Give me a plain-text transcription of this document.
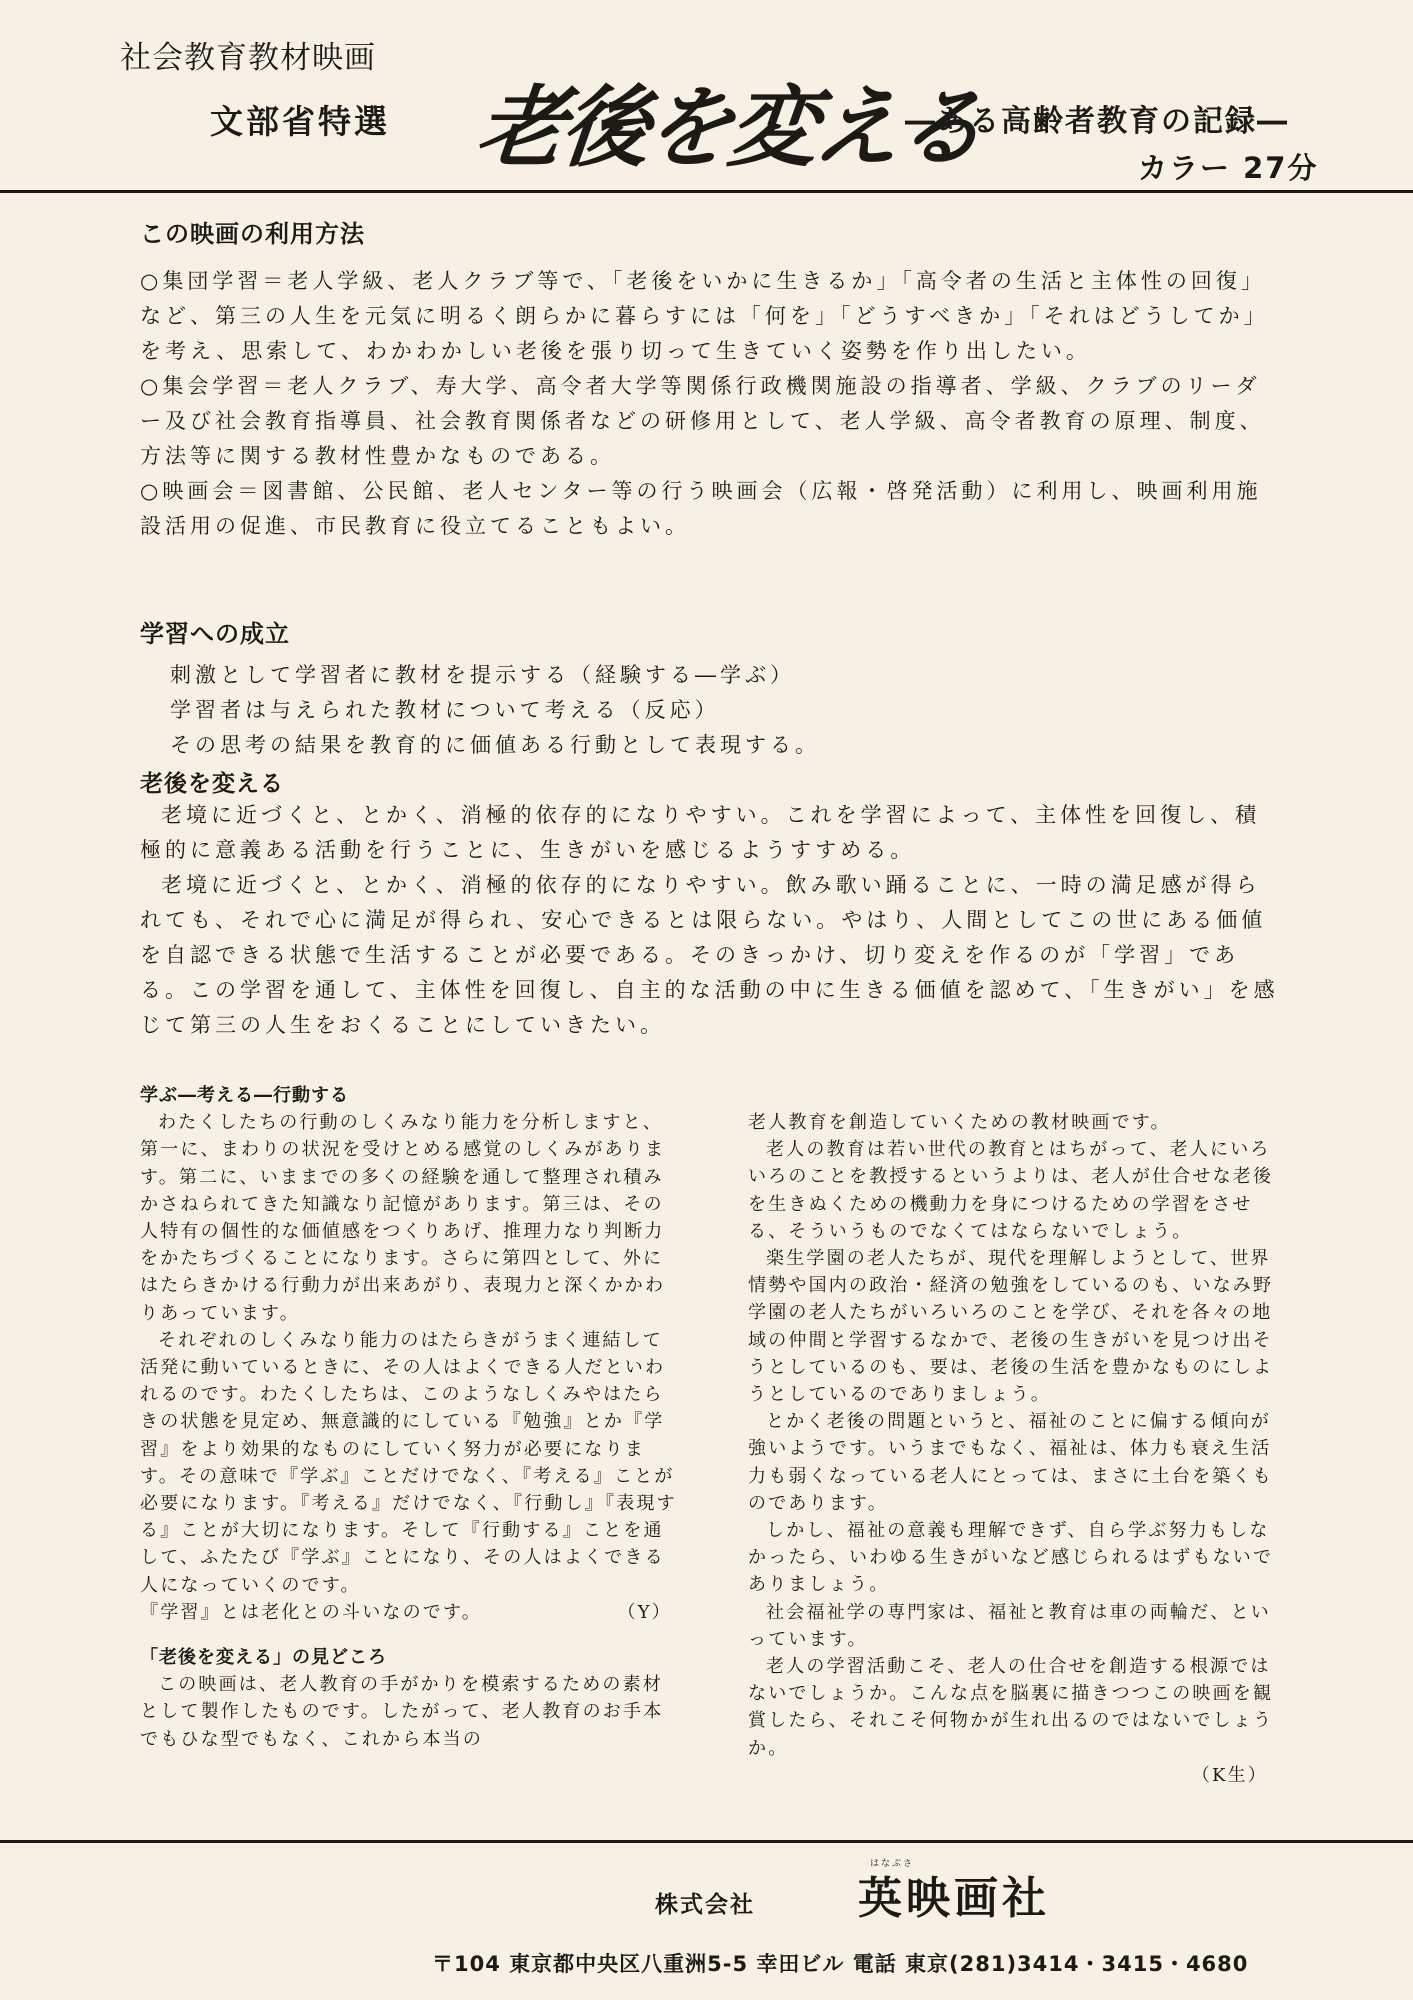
社会教育教材映画
文部省特選 老後を変える
―ある高齢者教育の記録―
カラー 27分
この映画の利用方法

○集団学習＝老人学級、老人クラブ等で、「老後をいかに生きるか」「高令者の生活と主体性の回復」など、第三の人生を元気に明るく朗らかに暮らすには「何を」「どうすべきか」「それはどうしてか」を考え、思索して、わかわかしい老後を張り切って生きていく姿勢を作り出したい。

○集会学習＝老人クラブ、寿大学、高令者大学等関係行政機関施設の指導者、学級、クラブのリーダー及び社会教育指導員、社会教育関係者などの研修用として、老人学級、高令者教育の原理、制度、方法等に関する教材性豊かなものである。

○映画会＝図書館、公民館、老人センター等の行う映画会（広報・啓発活動）に利用し、映画利用施設活用の促進、市民教育に役立てることもよい。

学習への成立

刺激として学習者に教材を提示する（経験する―学ぶ）

学習者は与えられた教材について考える（反応）

その思考の結果を教育的に価値ある行動として表現する。

老後を変える

老境に近づくと、とかく、消極的依存的になりやすい。これを学習によって、主体性を回復し、積極的に意義ある活動を行うことに、生きがいを感じるようすすめる。

老境に近づくと、とかく、消極的依存的になりやすい。飲み歌い踊ることに、一時の満足感が得られても、それで心に満足が得られ、安心できるとは限らない。やはり、人間としてこの世にある価値を自認できる状態で生活することが必要である。そのきっかけ、切り変えを作るのが「学習」である。この学習を通して、主体性を回復し、自主的な活動の中に生きる価値を認めて、「生きがい」を感じて第三の人生をおくることにしていきたい。

学ぶ―考える―行動する

わたくしたちの行動のしくみなり能力を分析しますと、第一に、まわりの状況を受けとめる感覚のしくみがあります。第二に、いままでの多くの経験を通して整理され積みかさねられてきた知識なり記憶があります。第三は、その人特有の個性的な価値感をつくりあげ、推理力なり判断力をかたちづくることになります。さらに第四として、外にはたらきかける行動力が出来あがり、表現力と深くかかわりあっています。

それぞれのしくみなり能力のはたらきがうまく連結して活発に動いているときに、その人はよくできる人だといわれるのです。わたくしたちは、このようなしくみやはたらきの状態を見定め、無意識的にしている『勉強』とか『学習』をより効果的なものにしていく努力が必要になります。その意味で『学ぶ』ことだけでなく、『考える』ことが必要になります。『考える』だけでなく、『行動し』『表現する』ことが大切になります。そして『行動する』ことを通して、ふたたび『学ぶ』ことになり、その人はよくできる人になっていくのです。

『学習』とは老化との斗いなのです。	（Y）

「老後を変える」の見どころ

この映画は、老人教育の手がかりを模索するための素材として製作したものです。したがって、老人教育のお手本でもひな型でもなく、これから本当の

老人教育を創造していくための教材映画です。

老人の教育は若い世代の教育とはちがって、老人にいろいろのことを教授するというよりは、老人が仕合せな老後を生きぬくための機動力を身につけるための学習をさせる、そういうものでなくてはならないでしょう。

楽生学園の老人たちが、現代を理解しようとして、世界情勢や国内の政治・経済の勉強をしているのも、いなみ野学園の老人たちがいろいろのことを学び、それを各々の地域の仲間と学習するなかで、老後の生きがいを見つけ出そうとしているのも、要は、老後の生活を豊かなものにしようとしているのでありましょう。

とかく老後の問題というと、福祉のことに偏する傾向が強いようです。いうまでもなく、福祉は、体力も衰え生活力も弱くなっている老人にとっては、まさに土台を築くものであります。

しかし、福祉の意義も理解できず、自ら学ぶ努力もしなかったら、いわゆる生きがいなど感じられるはずもないでありましょう。

社会福祉学の専門家は、福祉と教育は車の両輪だ、といっています。

老人の学習活動こそ、老人の仕合せを創造する根源ではないでしょうか。こんな点を脳裏に描きつつこの映画を観賞したら、それこそ何物かが生れ出るのではないでしょうか。

（K生）

株式会社
はなぶさ
英映画社
〒104 東京都中央区八重洲5-5 幸田ビル 電話 東京(281)3414・3415・4680
